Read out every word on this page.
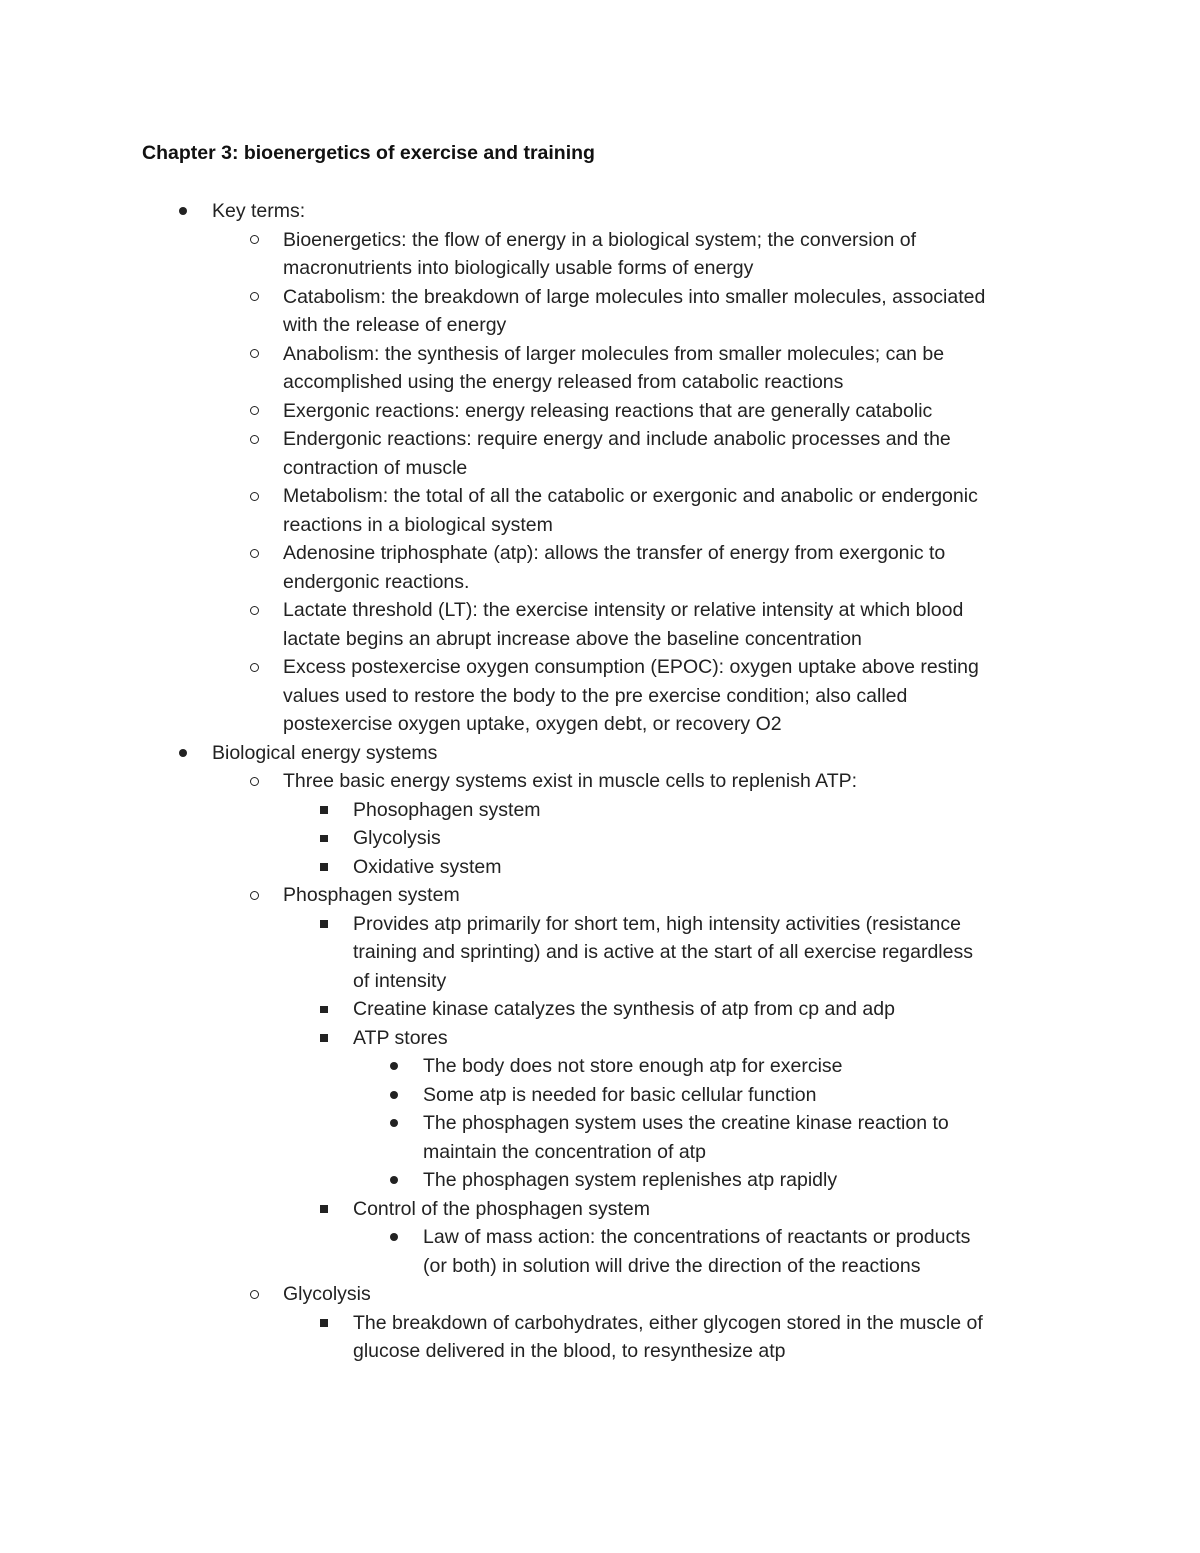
Chapter 3: bioenergetics of exercise and training

Key terms:

Bioenergetics: the flow of energy in a biological system; the conversion of

macronutrients into biologically usable forms of energy

Catabolism: the breakdown of large molecules into smaller molecules, associated

with the release of energy

Anabolism: the synthesis of larger molecules from smaller molecules; can be

accomplished using the energy released from catabolic reactions

Exergonic reactions: energy releasing reactions that are generally catabolic

Endergonic reactions: require energy and include anabolic processes and the

contraction of muscle

Metabolism: the total of all the catabolic or exergonic and anabolic or endergonic

reactions in a biological system

Adenosine triphosphate (atp): allows the transfer of energy from exergonic to

endergonic reactions.

Lactate threshold (LT): the exercise intensity or relative intensity at which blood

lactate begins an abrupt increase above the baseline concentration

Excess postexercise oxygen consumption (EPOC): oxygen uptake above resting

values used to restore the body to the pre exercise condition; also called

postexercise oxygen uptake, oxygen debt, or recovery O2

Biological energy systems

Three basic energy systems exist in muscle cells to replenish ATP:

Phosophagen system

Glycolysis

Oxidative system

Phosphagen system

Provides atp primarily for short tem, high intensity activities (resistance

training and sprinting) and is active at the start of all exercise regardless

of intensity

Creatine kinase catalyzes the synthesis of atp from cp and adp

ATP stores

The body does not store enough atp for exercise

Some atp is needed for basic cellular function

The phosphagen system uses the creatine kinase reaction to

maintain the concentration of atp

The phosphagen system replenishes atp rapidly

Control of the phosphagen system

Law of mass action: the concentrations of reactants or products

(or both) in solution will drive the direction of the reactions

Glycolysis

The breakdown of carbohydrates, either glycogen stored in the muscle of

glucose delivered in the blood, to resynthesize atp
